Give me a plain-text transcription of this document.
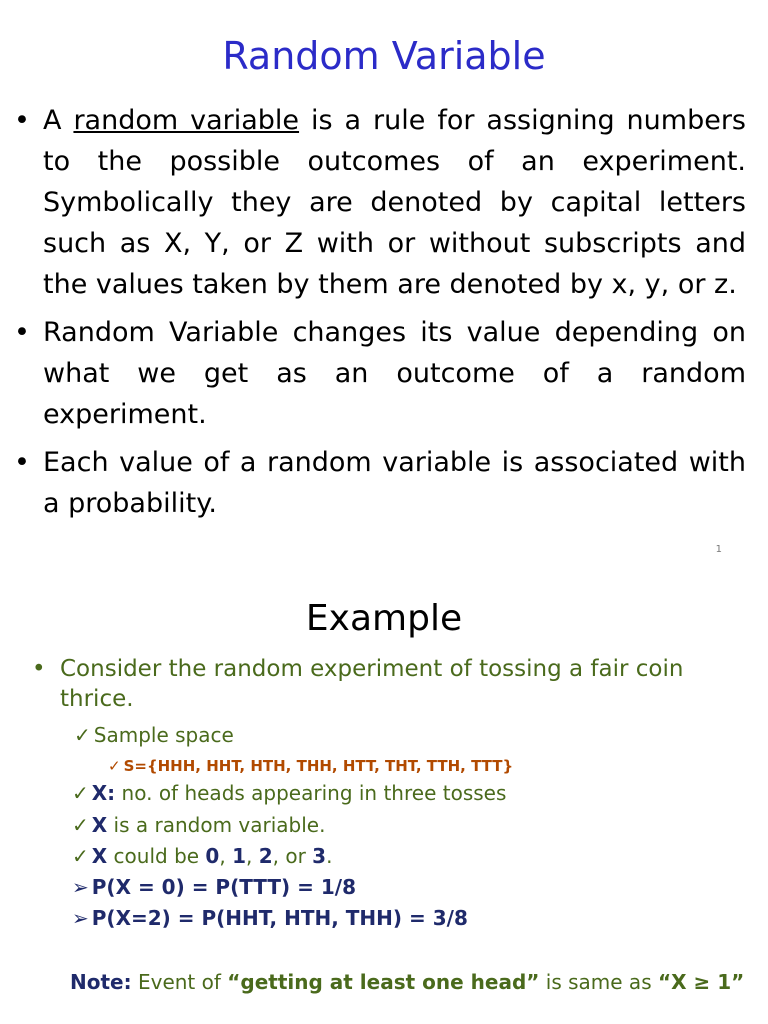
Random Variable
• A random variable is a rule for assigning numbers to the possible outcomes of an experiment. Symbolically they are denoted by capital letters such as X, Y, or Z with or without subscripts and the values taken by them are denoted by x, y, or z.
• Random Variable changes its value depending on what we get as an outcome of a random experiment.
• Each value of a random variable is associated with a probability.
1
Example
• Consider the random experiment of tossing a fair coin thrice.
✓ Sample space
✓ S={HHH, HHT, HTH, THH, HTT, THT, TTH, TTT}
✓ X: no. of heads appearing in three tosses
✓ X is a random variable.
✓ X could be 0, 1, 2, or 3.
➢ P(X = 0) = P(TTT) = 1/8
➢ P(X=2) = P(HHT, HTH, THH) = 3/8
Note: Event of “getting at least one head” is same as “X ≥ 1”
